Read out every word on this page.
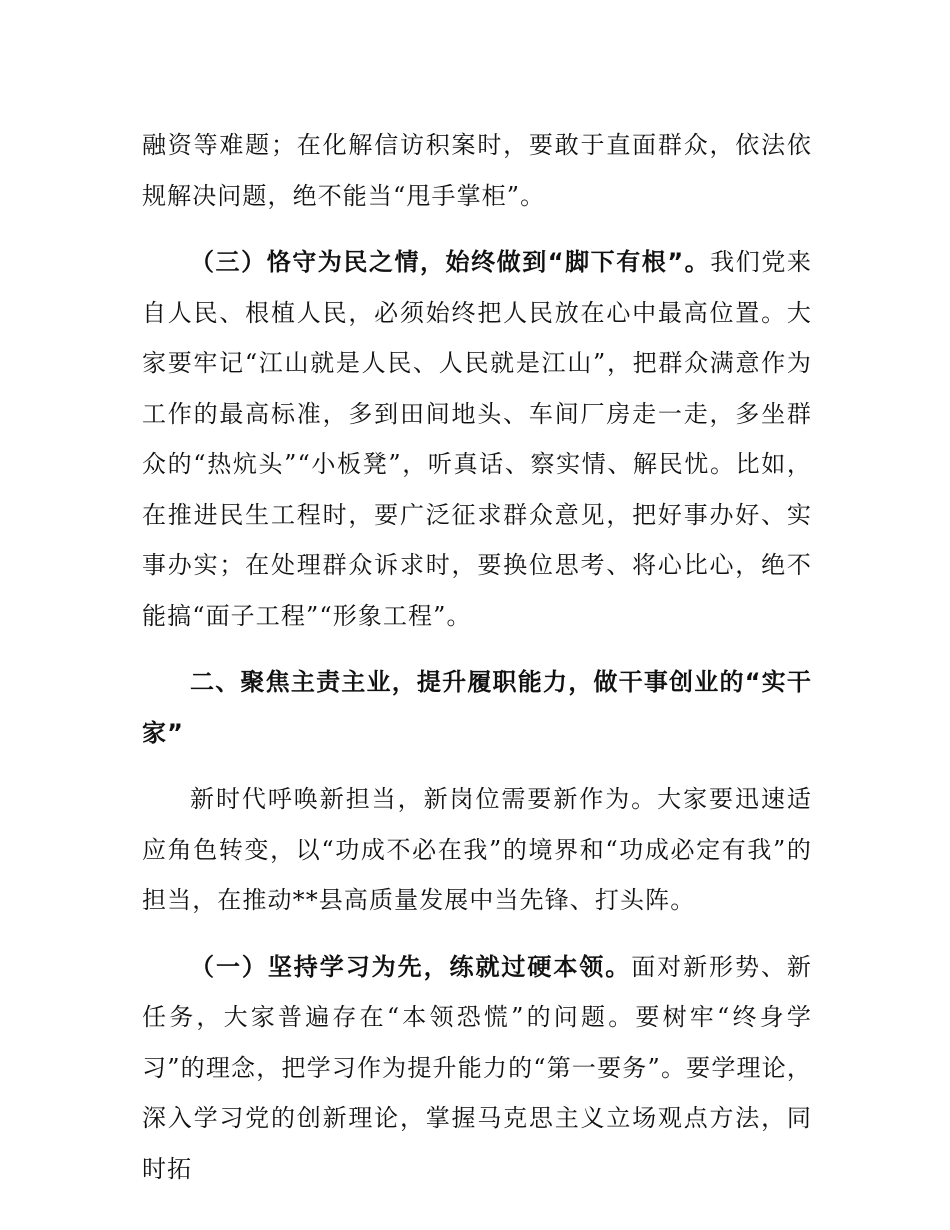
融资等难题；在化解信访积案时，要敢于直面群众，依法依规解决问题，绝不能当“甩手掌柜”。

（三）恪守为民之情，始终做到“脚下有根”。我们党来自人民、根植人民，必须始终把人民放在心中最高位置。大家要牢记“江山就是人民、人民就是江山”，把群众满意作为工作的最高标准，多到田间地头、车间厂房走一走，多坐群众的“热炕头”“小板凳”，听真话、察实情、解民忧。比如，在推进民生工程时，要广泛征求群众意见，把好事办好、实事办实；在处理群众诉求时，要换位思考、将心比心，绝不能搞“面子工程”“形象工程”。

二、聚焦主责主业，提升履职能力，做干事创业的“实干家”

新时代呼唤新担当，新岗位需要新作为。大家要迅速适应角色转变，以“功成不必在我”的境界和“功成必定有我”的担当，在推动**县高质量发展中当先锋、打头阵。

（一）坚持学习为先，练就过硬本领。面对新形势、新任务，大家普遍存在“本领恐慌”的问题。要树牢“终身学习”的理念，把学习作为提升能力的“第一要务”。要学理论，深入学习党的创新理论，掌握马克思主义立场观点方法，同时拓
